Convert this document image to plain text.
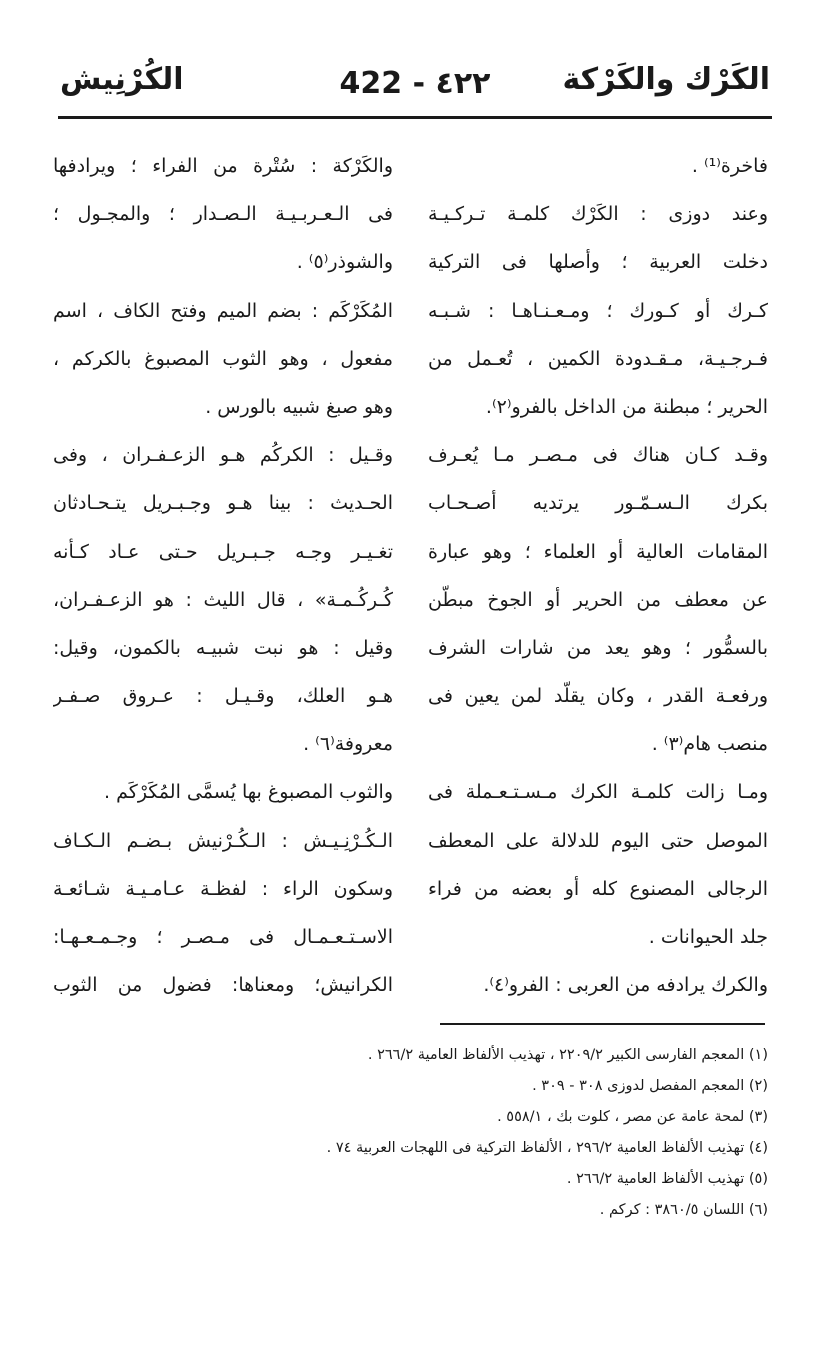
الكَرْك والكَرْكة
422 - ٤٢٢
الكُرْنِيش
فاخرة⁽¹⁾ .
وعند دوزى : الكَرْك كلمـة تـركـيـة
دخلت العربية ؛ وأصلها فى التركية
كـرك أو كـورك ؛ ومـعـنـاهـا : شـبـه
فـرجـيـة، مـقـدودة الكمين ، تُعـمل من
الحرير ؛ مبطنة من الداخل بالفرو⁽٢⁾.
وقـد كـان هناك فى مـصـر مـا يُعـرف
بكرك الـسـمّـور يرتديه أصـحـاب
المقامات العالية أو العلماء ؛ وهو عبارة
عن معطف من الحرير أو الجوخ مبطّن
بالسمُّور ؛ وهو يعد من شارات الشرف
ورفعـة القدر ، وكان يقلّد لمن يعين فى
منصب هام⁽٣⁾ .
ومـا زالت كلمـة الكرك مـسـتـعـملة فى
الموصل حتى اليوم للدلالة على المعطف
الرجالى المصنوع كله أو بعضه من فراء
جلد الحيوانات .
والكرك يرادفه من العربى : الفرو⁽٤⁾.
والكَرْكة : سُتْرة من الفراء ؛ ويرادفها
فى الـعـربـيـة الـصـدار ؛ والمجـول ؛
والشوذر⁽٥⁾ .
المُكَرْكَم : بضم الميم وفتح الكاف ، اسم
مفعول ، وهو الثوب المصبوغ بالكركم ،
وهو صبغ شبيه بالورس .
وقـيل : الكركُم هـو الزعـفـران ، وفى
الحـديث : بينا هـو وجـبـريل يتـحـادثان
تغـيـر وجـه جـبـريل حـتى عـاد كـأنه
كُـركُـمـة» ، قال الليث : هو الزعـفـران،
وقيل : هو نبت شبيـه بالكمون، وقيل:
هـو العلك، وقـيـل : عـروق صـفـر
معروفة⁽٦⁾ .
والثوب المصبوغ بها يُسمَّى المُكَرْكَم .
الـكُـرْنِـيـش : الـكُـرْنيش بـضـم الـكـاف
وسكون الراء : لفظـة عـامـيـة شـائعـة
الاسـتـعـمـال فى مـصـر ؛ وجـمـعـهـا:
الكرانيش؛ ومعناها: فضول من الثوب
(١) المعجم الفارسى الكبير ٢٢٠٩/٢ ، تهذيب الألفاظ العامية ٢٦٦/٢ .
(٢) المعجم المفصل لدوزى ٣٠٨ - ٣٠٩ .
(٣) لمحة عامة عن مصر ، كلوت بك ، ٥٥٨/١ .
(٤) تهذيب الألفاظ العامية ٢٩٦/٢ ، الألفاظ التركية فى اللهجات العربية ٧٤ .
(٥) تهذيب الألفاظ العامية ٢٦٦/٢ .
(٦) اللسان ٣٨٦٠/٥ : كركم .
